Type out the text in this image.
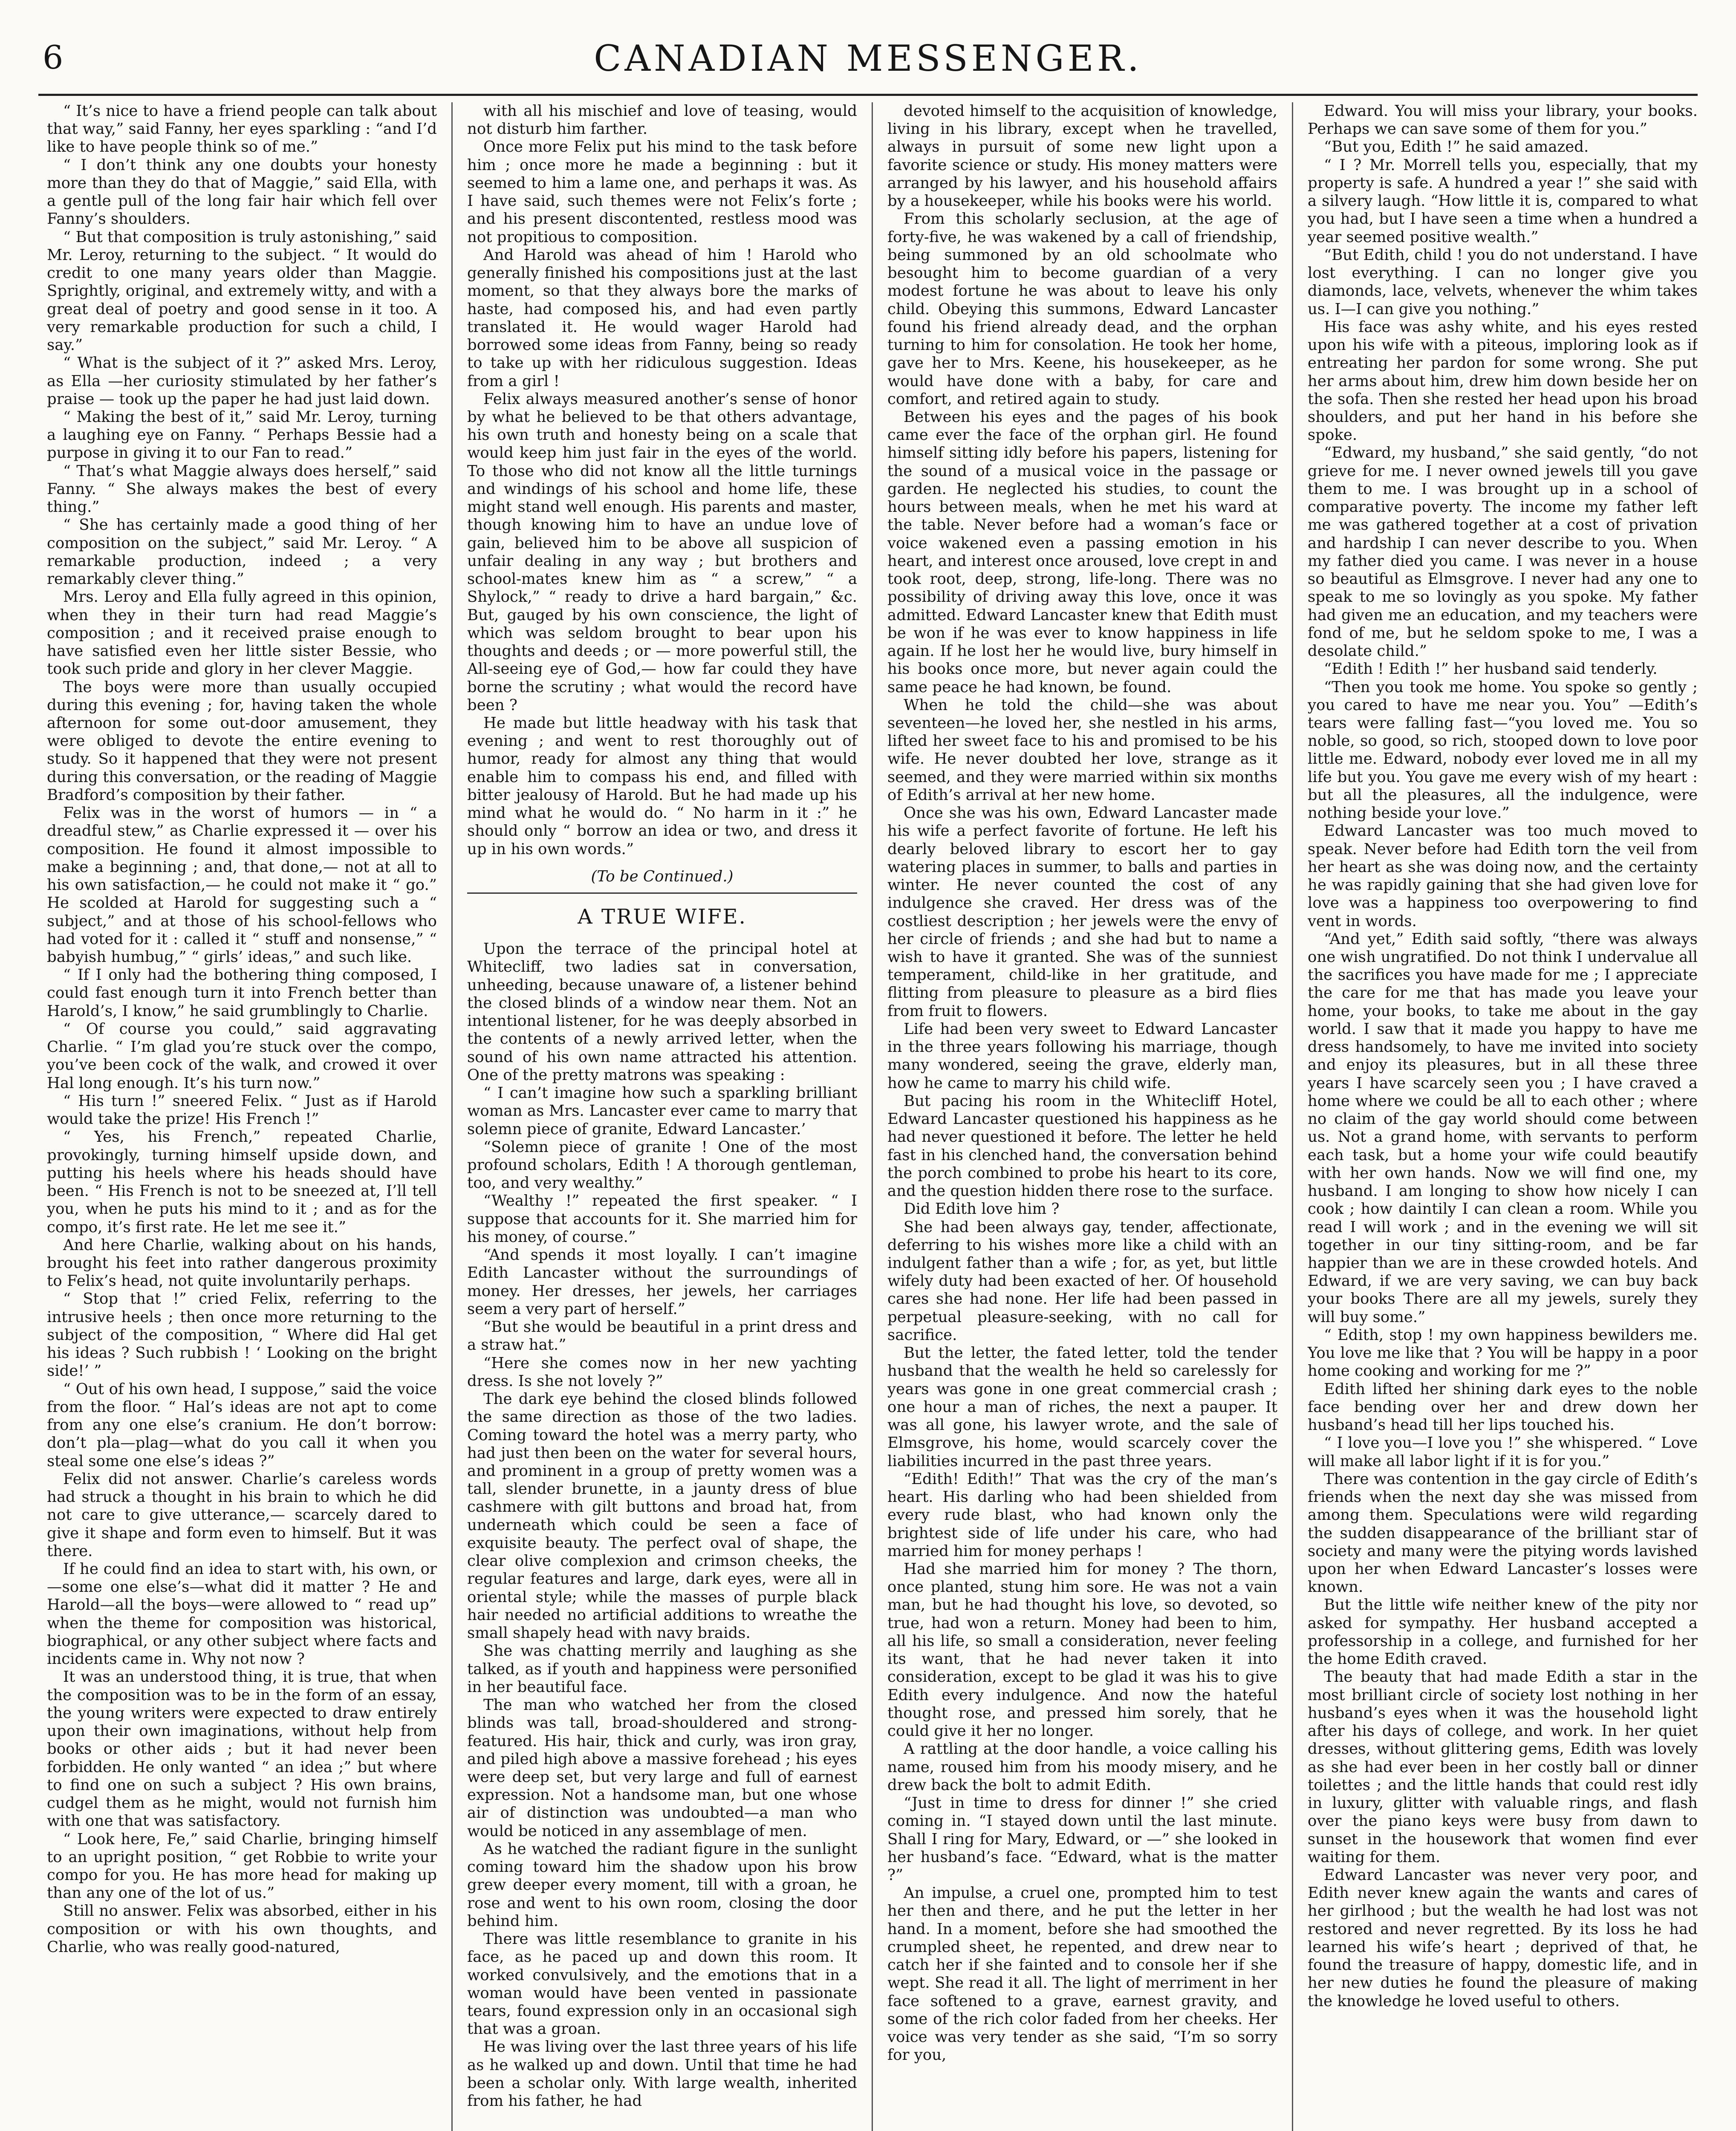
6	CANADIAN MESSENGER.

“ It’s nice to have a friend people can talk about that way,” said Fanny, her eyes sparkling : “and I’d like to have people think so of me.”

“ I don’t think any one doubts your honesty more than they do that of Maggie,” said Ella, with a gentle pull of the long fair hair which fell over Fanny’s shoulders.

“ But that composition is truly astonishing,” said Mr. Leroy, returning to the subject. “ It would do credit to one many years older than Maggie. Sprightly, original, and extremely witty, and with a great deal of poetry and good sense in it too. A very remarkable production for such a child, I say.”

“ What is the subject of it ?” asked Mrs. Leroy, as Ella —her curiosity stimulated by her father’s praise — took up the paper he had just laid down.

“ Making the best of it,” said Mr. Leroy, turning a laughing eye on Fanny. “ Perhaps Bessie had a purpose in giving it to our Fan to read.”

“ That’s what Maggie always does herself,” said Fanny. “ She always makes the best of every thing.”

“ She has certainly made a good thing of her composition on the subject,” said Mr. Leroy. “ A remarkable production, indeed ; a very remarkably clever thing.”

Mrs. Leroy and Ella fully agreed in this opinion, when they in their turn had read Maggie’s composition ; and it received praise enough to have satisfied even her little sister Bessie, who took such pride and glory in her clever Maggie.

The boys were more than usually occupied during this evening ; for, having taken the whole afternoon for some out-door amusement, they were obliged to devote the entire evening to study. So it happened that they were not present during this conversation, or the reading of Maggie Bradford’s composition by their father.

Felix was in the worst of humors — in “ a dreadful stew,” as Charlie expressed it — over his composition. He found it almost impossible to make a beginning ; and, that done,— not at all to his own satisfaction,— he could not make it “ go.” He scolded at Harold for suggesting such a “ subject,” and at those of his school-fellows who had voted for it : called it “ stuff and nonsense,” “ babyish humbug,” “ girls’ ideas,” and such like.

“ If I only had the bothering thing composed, I could fast enough turn it into French better than Harold’s, I know,” he said grumblingly to Charlie.

“ Of course you could,” said aggravating Charlie. “ I’m glad you’re stuck over the compo, you’ve been cock of the walk, and crowed it over Hal long enough. It’s his turn now.”

“ His turn !” sneered Felix. “ Just as if Harold would take the prize! His French !”

“ Yes, his French,” repeated Charlie, provokingly, turning himself upside down, and putting his heels where his heads should have been. “ His French is not to be sneezed at, I’ll tell you, when he puts his mind to it ; and as for the compo, it’s first rate. He let me see it.”

And here Charlie, walking about on his hands, brought his feet into rather dangerous proximity to Felix’s head, not quite involuntarily perhaps.

“ Stop that !” cried Felix, referring to the intrusive heels ; then once more returning to the subject of the composition, “ Where did Hal get his ideas ? Such rubbish ! ‘ Looking on the bright side!’ ”

“ Out of his own head, I suppose,” said the voice from the floor. “ Hal’s ideas are not apt to come from any one else’s cranium. He don’t borrow: don’t pla—plag—what do you call it when you steal some one else’s ideas ?”

Felix did not answer. Charlie’s careless words had struck a thought in his brain to which he did not care to give utterance,— scarcely dared to give it shape and form even to himself. But it was there.

If he could find an idea to start with, his own, or—some one else’s—what did it matter ? He and Harold—all the boys—were allowed to “ read up” when the theme for composition was historical, biographical, or any other subject where facts and incidents came in. Why not now ?

It was an understood thing, it is true, that when the composition was to be in the form of an essay, the young writers were expected to draw entirely upon their own imaginations, without help from books or other aids ; but it had never been forbidden. He only wanted “ an idea ;” but where to find one on such a subject ? His own brains, cudgel them as he might, would not furnish him with one that was satisfactory.

“ Look here, Fe,” said Charlie, bringing himself to an upright position, “ get Robbie to write your compo for you. He has more head for making up than any one of the lot of us.”

Still no answer. Felix was absorbed, either in his composition or with his own thoughts, and Charlie, who was really good-natured,

with all his mischief and love of teasing, would not disturb him farther.

Once more Felix put his mind to the task before him ; once more he made a beginning : but it seemed to him a lame one, and perhaps it was. As I have said, such themes were not Felix’s forte ; and his present discontented, restless mood was not propitious to composition.

And Harold was ahead of him ! Harold who generally finished his compositions just at the last moment, so that they always bore the marks of haste, had composed his, and had even partly translated it. He would wager Harold had borrowed some ideas from Fanny, being so ready to take up with her ridiculous suggestion. Ideas from a girl !

Felix always measured another’s sense of honor by what he believed to be that others advantage, his own truth and honesty being on a scale that would keep him just fair in the eyes of the world. To those who did not know all the little turnings and windings of his school and home life, these might stand well enough. His parents and master, though knowing him to have an undue love of gain, believed him to be above all suspicion of unfair dealing in any way ; but brothers and school-mates knew him as “ a screw,” “ a Shylock,” “ ready to drive a hard bargain,” &c. But, gauged by his own conscience, the light of which was seldom brought to bear upon his thoughts and deeds ; or — more powerful still, the All-seeing eye of God,— how far could they have borne the scrutiny ; what would the record have been ?

He made but little headway with his task that evening ; and went to rest thoroughly out of humor, ready for almost any thing that would enable him to compass his end, and filled with bitter jealousy of Harold. But he had made up his mind what he would do. “ No harm in it :” he should only “ borrow an idea or two, and dress it up in his own words.”

(To be Continued.)

A TRUE WIFE.

Upon the terrace of the principal hotel at Whitecliff, two ladies sat in conversation, unheeding, because unaware of, a listener behind the closed blinds of a window near them. Not an intentional listener, for he was deeply absorbed in the contents of a newly arrived letter, when the sound of his own name attracted his attention. One of the pretty matrons was speaking :

“ I can’t imagine how such a sparkling brilliant woman as Mrs. Lancaster ever came to marry that solemn piece of granite, Edward Lancaster.’

“Solemn piece of granite ! One of the most profound scholars, Edith ! A thorough gentleman, too, and very wealthy.”

“Wealthy !” repeated the first speaker. “ I suppose that accounts for it. She married him for his money, of course.”

“And spends it most loyally. I can’t imagine Edith Lancaster without the surroundings of money. Her dresses, her jewels, her carriages seem a very part of herself.”

“But she would be beautiful in a print dress and a straw hat.”

“Here she comes now in her new yachting dress. Is she not lovely ?”

The dark eye behind the closed blinds followed the same direction as those of the two ladies. Coming toward the hotel was a merry party, who had just then been on the water for several hours, and prominent in a group of pretty women was a tall, slender brunette, in a jaunty dress of blue cashmere with gilt buttons and broad hat, from underneath which could be seen a face of exquisite beauty. The perfect oval of shape, the clear olive complexion and crimson cheeks, the regular features and large, dark eyes, were all in oriental style; while the masses of purple black hair needed no artificial additions to wreathe the small shapely head with navy braids.

She was chatting merrily and laughing as she talked, as if youth and happiness were personified in her beautiful face.

The man who watched her from the closed blinds was tall, broad-shouldered and strong-featured. His hair, thick and curly, was iron gray, and piled high above a massive forehead ; his eyes were deep set, but very large and full of earnest expression. Not a handsome man, but one whose air of distinction was undoubted—a man who would be noticed in any assemblage of men.

As he watched the radiant figure in the sunlight coming toward him the shadow upon his brow grew deeper every moment, till with a groan, he rose and went to his own room, closing the door behind him.

There was little resemblance to granite in his face, as he paced up and down this room. It worked convulsively, and the emotions that in a woman would have been vented in passionate tears, found expression only in an occasional sigh that was a groan.

He was living over the last three years of his life as he walked up and down. Until that time he had been a scholar only. With large wealth, inherited from his father, he had

devoted himself to the acquisition of knowledge, living in his library, except when he travelled, always in pursuit of some new light upon a favorite science or study. His money matters were arranged by his lawyer, and his household affairs by a housekeeper, while his books were his world.

From this scholarly seclusion, at the age of forty-five, he was wakened by a call of friendship, being summoned by an old schoolmate who besought him to become guardian of a very modest fortune he was about to leave his only child. Obeying this summons, Edward Lancaster found his friend already dead, and the orphan turning to him for consolation. He took her home, gave her to Mrs. Keene, his housekeeper, as he would have done with a baby, for care and comfort, and retired again to study.

Between his eyes and the pages of his book came ever the face of the orphan girl. He found himself sitting idly before his papers, listening for the sound of a musical voice in the passage or garden. He neglected his studies, to count the hours between meals, when he met his ward at the table. Never before had a woman’s face or voice wakened even a passing emotion in his heart, and interest once aroused, love crept in and took root, deep, strong, life-long. There was no possibility of driving away this love, once it was admitted. Edward Lancaster knew that Edith must be won if he was ever to know happiness in life again. If he lost her he would live, bury himself in his books once more, but never again could the same peace he had known, be found.

When he told the child—she was about seventeen—he loved her, she nestled in his arms, lifted her sweet face to his and promised to be his wife. He never doubted her love, strange as it seemed, and they were married within six months of Edith’s arrival at her new home.

Once she was his own, Edward Lancaster made his wife a perfect favorite of fortune. He left his dearly beloved library to escort her to gay watering places in summer, to balls and parties in winter. He never counted the cost of any indulgence she craved. Her dress was of the costliest description ; her jewels were the envy of her circle of friends ; and she had but to name a wish to have it granted. She was of the sunniest temperament, child-like in her gratitude, and flitting from pleasure to pleasure as a bird flies from fruit to flowers.

Life had been very sweet to Edward Lancaster in the three years following his marriage, though many wondered, seeing the grave, elderly man, how he came to marry his child wife.

But pacing his room in the Whitecliff Hotel, Edward Lancaster questioned his happiness as he had never questioned it before. The letter he held fast in his clenched hand, the conversation behind the porch combined to probe his heart to its core, and the question hidden there rose to the surface.

Did Edith love him ?

She had been always gay, tender, affectionate, deferring to his wishes more like a child with an indulgent father than a wife ; for, as yet, but little wifely duty had been exacted of her. Of household cares she had none. Her life had been passed in perpetual pleasure-seeking, with no call for sacrifice.

But the letter, the fated letter, told the tender husband that the wealth he held so carelessly for years was gone in one great commercial crash ; one hour a man of riches, the next a pauper. It was all gone, his lawyer wrote, and the sale of Elmsgrove, his home, would scarcely cover the liabilities incurred in the past three years.

“Edith! Edith!” That was the cry of the man’s heart. His darling who had been shielded from every rude blast, who had known only the brightest side of life under his care, who had married him for money perhaps !

Had she married him for money ? The thorn, once planted, stung him sore. He was not a vain man, but he had thought his love, so devoted, so true, had won a return. Money had been to him, all his life, so small a consideration, never feeling its want, that he had never taken it into consideration, except to be glad it was his to give Edith every indulgence. And now the hateful thought rose, and pressed him sorely, that he could give it her no longer.

A rattling at the door handle, a voice calling his name, roused him from his moody misery, and he drew back the bolt to admit Edith.

“Just in time to dress for dinner !” she cried coming in. “I stayed down until the last minute. Shall I ring for Mary, Edward, or —” she looked in her husband’s face. “Edward, what is the matter ?”

An impulse, a cruel one, prompted him to test her then and there, and he put the letter in her hand. In a moment, before she had smoothed the crumpled sheet, he repented, and drew near to catch her if she fainted and to console her if she wept. She read it all. The light of merriment in her face softened to a grave, earnest gravity, and some of the rich color faded from her cheeks. Her voice was very tender as she said, “I’m so sorry for you,

Edward. You will miss your library, your books. Perhaps we can save some of them for you.”

“But you, Edith !” he said amazed.

“ I ? Mr. Morrell tells you, especially, that my property is safe. A hundred a year !” she said with a silvery laugh. “How little it is, compared to what you had, but I have seen a time when a hundred a year seemed positive wealth.”

“But Edith, child ! you do not understand. I have lost everything. I can no longer give you diamonds, lace, velvets, whenever the whim takes us. I—I can give you nothing.”

His face was ashy white, and his eyes rested upon his wife with a piteous, imploring look as if entreating her pardon for some wrong. She put her arms about him, drew him down beside her on the sofa. Then she rested her head upon his broad shoulders, and put her hand in his before she spoke.

“Edward, my husband,” she said gently, “do not grieve for me. I never owned jewels till you gave them to me. I was brought up in a school of comparative poverty. The income my father left me was gathered together at a cost of privation and hardship I can never describe to you. When my father died you came. I was never in a house so beautiful as Elmsgrove. I never had any one to speak to me so lovingly as you spoke. My father had given me an education, and my teachers were fond of me, but he seldom spoke to me, I was a desolate child.”

“Edith ! Edith !” her husband said tenderly.

“Then you took me home. You spoke so gently ; you cared to have me near you. You” —Edith’s tears were falling fast—“you loved me. You so noble, so good, so rich, stooped down to love poor little me. Edward, nobody ever loved me in all my life but you. You gave me every wish of my heart : but all the pleasures, all the indulgence, were nothing beside your love.”

Edward Lancaster was too much moved to speak. Never before had Edith torn the veil from her heart as she was doing now, and the certainty he was rapidly gaining that she had given love for love was a happiness too overpowering to find vent in words.

“And yet,” Edith said softly, “there was always one wish ungratified. Do not think I undervalue all the sacrifices you have made for me ; I appreciate the care for me that has made you leave your home, your books, to take me about in the gay world. I saw that it made you happy to have me dress handsomely, to have me invited into society and enjoy its pleasures, but in all these three years I have scarcely seen you ; I have craved a home where we could be all to each other ; where no claim of the gay world should come between us. Not a grand home, with servants to perform each task, but a home your wife could beautify with her own hands. Now we will find one, my husband. I am longing to show how nicely I can cook ; how daintily I can clean a room. While you read I will work ; and in the evening we will sit together in our tiny sitting-room, and be far happier than we are in these crowded hotels. And Edward, if we are very saving, we can buy back your books There are all my jewels, surely they will buy some.”

“ Edith, stop ! my own happiness bewilders me. You love me like that ? You will be happy in a poor home cooking and working for me ?”

Edith lifted her shining dark eyes to the noble face bending over her and drew down her husband’s head till her lips touched his.

“ I love you—I love you !” she whispered. “ Love will make all labor light if it is for you.”

There was contention in the gay circle of Edith’s friends when the next day she was missed from among them. Speculations were wild regarding the sudden disappearance of the brilliant star of society and many were the pitying words lavished upon her when Edward Lancaster’s losses were known.

But the little wife neither knew of the pity nor asked for sympathy. Her husband accepted a professorship in a college, and furnished for her the home Edith craved.

The beauty that had made Edith a star in the most brilliant circle of society lost nothing in her husband’s eyes when it was the household light after his days of college, and work. In her quiet dresses, without glittering gems, Edith was lovely as she had ever been in her costly ball or dinner toilettes ; and the little hands that could rest idly in luxury, glitter with valuable rings, and flash over the piano keys were busy from dawn to sunset in the housework that women find ever waiting for them.

Edward Lancaster was never very poor, and Edith never knew again the wants and cares of her girlhood ; but the wealth he had lost was not restored and never regretted. By its loss he had learned his wife’s heart ; deprived of that, he found the treasure of happy, domestic life, and in her new duties he found the pleasure of making the knowledge he loved useful to others.
